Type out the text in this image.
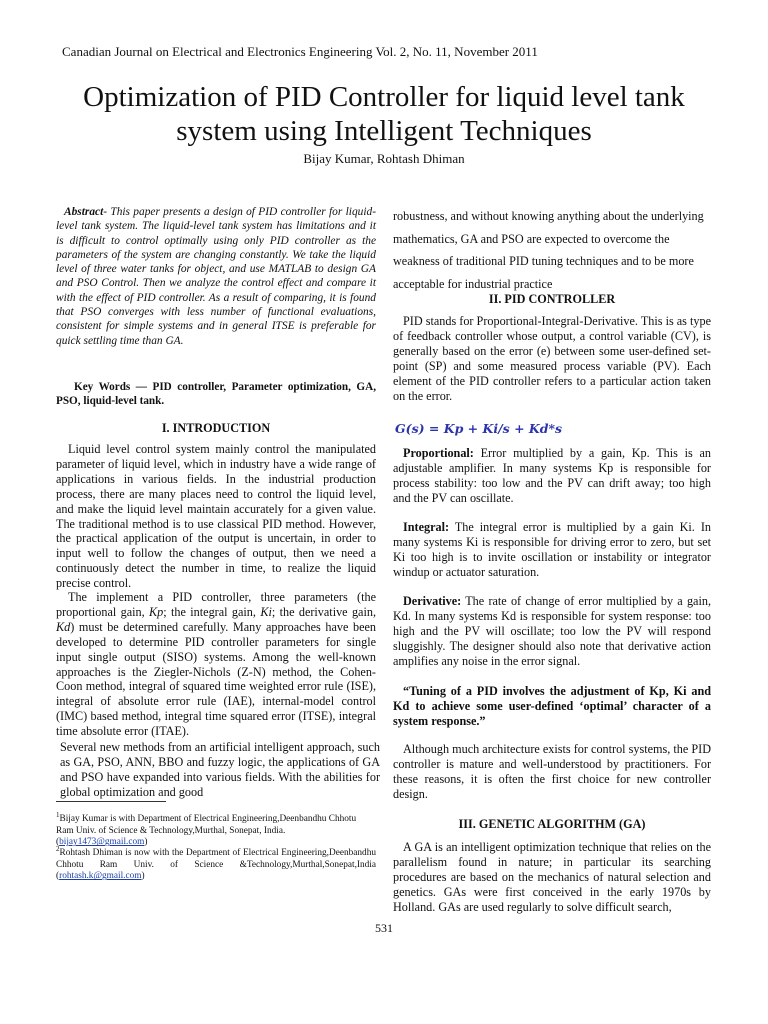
Canadian Journal on Electrical and Electronics Engineering Vol. 2, No. 11, November 2011
Optimization of PID Controller for liquid level tank system using Intelligent Techniques
Bijay Kumar, Rohtash Dhiman
Abstract- This paper presents a design of PID controller for liquid-level tank system. The liquid-level tank system has limitations and it is difficult to control optimally using only PID controller as the parameters of the system are changing constantly. We take the liquid level of three water tanks for object, and use MATLAB to design GA and PSO Control. Then we analyze the control effect and compare it with the effect of PID controller. As a result of comparing, it is found that PSO converges with less number of functional evaluations, consistent for simple systems and in general ITSE is preferable for quick settling time than GA.
Key Words — PID controller, Parameter optimization, GA, PSO, liquid-level tank.
I. INTRODUCTION

Liquid level control system mainly control the manipulated parameter of liquid level, which in industry have a wide range of applications in various fields. In the industrial production process, there are many places need to control the liquid level, and make the liquid level maintain accurately for a given value. The traditional method is to use classical PID method. However, the practical application of the output is uncertain, in order to input well to follow the changes of output, then we need a continuously detect the number in time, to realize the liquid precise control.

The implement a PID controller, three parameters (the proportional gain, Kp; the integral gain, Ki; the derivative gain, Kd) must be determined carefully. Many approaches have been developed to determine PID controller parameters for single input single output (SISO) systems. Among the well-known approaches is the Ziegler-Nichols (Z-N) method, the Cohen-Coon method, integral of squared time weighted error rule (ISE), integral of absolute error rule (IAE), internal-model control (IMC) based method, integral time squared error (ITSE), integral time absolute error (ITAE).

Several new methods from an artificial intelligent approach, such as GA, PSO, ANN, BBO and fuzzy logic, the applications of GA and PSO have expanded into various fields. With the abilities for global optimization and good

$^1$Bijay Kumar is with Department of Electrical Engineering,Deenbandhu Chhotu Ram Univ. of Science & Technology,Murthal, Sonepat, India. (bijay1473@gmail.com)

$^2$Rohtash Dhiman is now with the Department of Electrical Engineering,Deenbandhu Chhotu Ram Univ. of Science &Technology,Murthal,Sonepat,India (rohtash.k@gmail.com)

robustness, and without knowing anything about the underlying mathematics, GA and PSO are expected to overcome the weakness of traditional PID tuning techniques and to be more acceptable for industrial practice

II. PID CONTROLLER

PID stands for Proportional-Integral-Derivative. This is as type of feedback controller whose output, a control variable (CV), is generally based on the error (e) between some user-defined set-point (SP) and some measured process variable (PV). Each element of the PID controller refers to a particular action taken on the error.

G(s) = Kp + Ki/s + Kd*s

Proportional: Error multiplied by a gain, Kp. This is an adjustable amplifier. In many systems Kp is responsible for process stability: too low and the PV can drift away; too high and the PV can oscillate.

Integral: The integral error is multiplied by a gain Ki. In many systems Ki is responsible for driving error to zero, but set Ki too high is to invite oscillation or instability or integrator windup or actuator saturation.

Derivative: The rate of change of error multiplied by a gain, Kd. In many systems Kd is responsible for system response: too high and the PV will oscillate; too low the PV will respond sluggishly. The designer should also note that derivative action amplifies any noise in the error signal.

“Tuning of a PID involves the adjustment of Kp, Ki and Kd to achieve some user-defined ‘optimal’ character of a system response.”

Although much architecture exists for control systems, the PID controller is mature and well-understood by practitioners. For these reasons, it is often the first choice for new controller design.

III. GENETIC ALGORITHM (GA)

A GA is an intelligent optimization technique that relies on the parallelism found in nature; in particular its searching procedures are based on the mechanics of natural selection and genetics. GAs were first conceived in the early 1970s by Holland. GAs are used regularly to solve difficult search,

531
